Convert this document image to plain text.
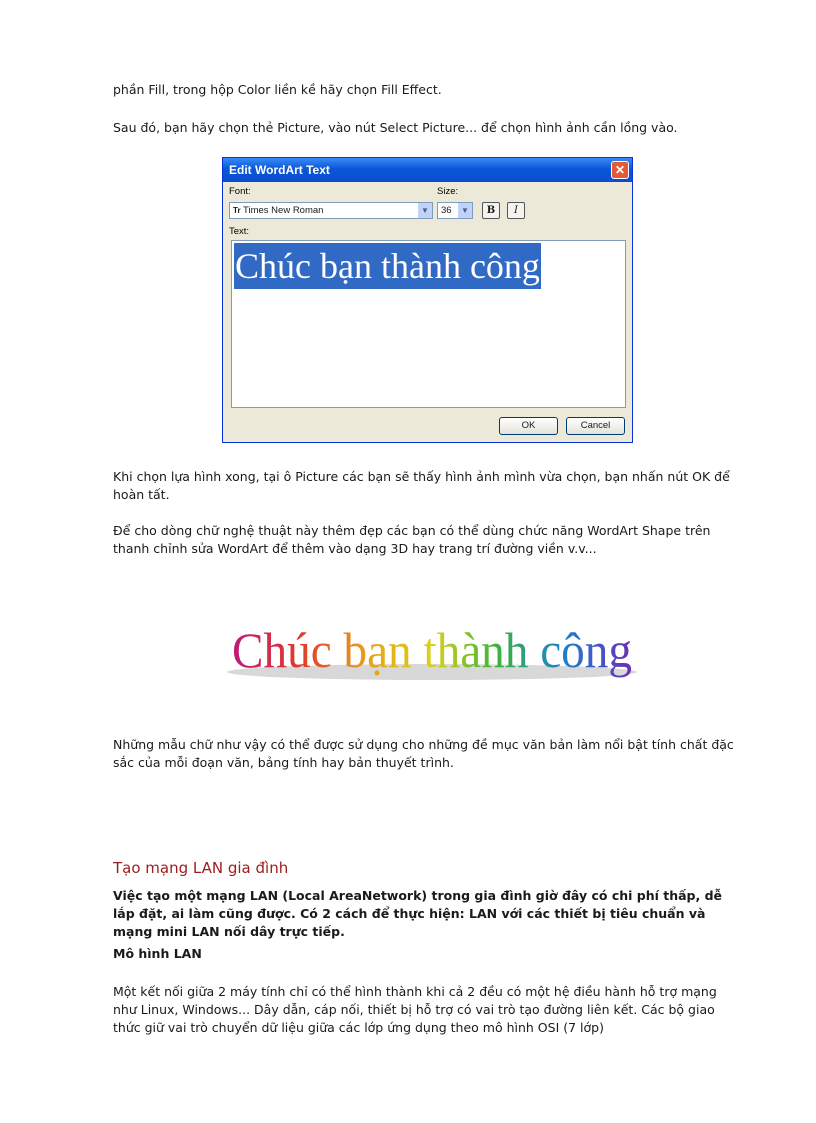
phần Fill, trong hộp Color liền kề hãy chọn Fill Effect.
Sau đó, bạn hãy chọn thẻ Picture, vào nút Select Picture... để chọn hình ảnh cần lồng vào.
Edit WordArt Text	✕
Font:
Tr Times New Roman	▼
Size:
36	▼	B	I
Text:
Chúc bạn thành công
OK	Cancel
Khi chọn lựa hình xong, tại ô Picture các bạn sẽ thấy hình ảnh mình vừa chọn, bạn nhấn nút OK để hoàn tất.
Để cho dòng chữ nghệ thuật này thêm đẹp các bạn có thể dùng chức năng WordArt Shape trên thanh chỉnh sửa WordArt để thêm vào dạng 3D hay trang trí đường viền v.v...
Chúc bạn thành công
Những mẫu chữ như vậy có thể được sử dụng cho những đề mục văn bản làm nổi bật tính chất đặc sắc của mỗi đoạn văn, bảng tính hay bản thuyết trình.
Tạo mạng LAN gia đình
Việc tạo một mạng LAN (Local AreaNetwork) trong gia đình giờ đây có chi phí thấp, dễ lắp đặt, ai làm cũng được. Có 2 cách để thực hiện: LAN với các thiết bị tiêu chuẩn và mạng mini LAN nối dây trực tiếp.
Mô hình LAN
Một kết nối giữa 2 máy tính chỉ có thể hình thành khi cả 2 đều có một hệ điều hành hỗ trợ mạng như Linux, Windows... Dây dẫn, cáp nối, thiết bị hỗ trợ có vai trò tạo đường liên kết. Các bộ giao thức giữ vai trò chuyển dữ liệu giữa các lớp ứng dụng theo mô hình OSI (7 lớp)
